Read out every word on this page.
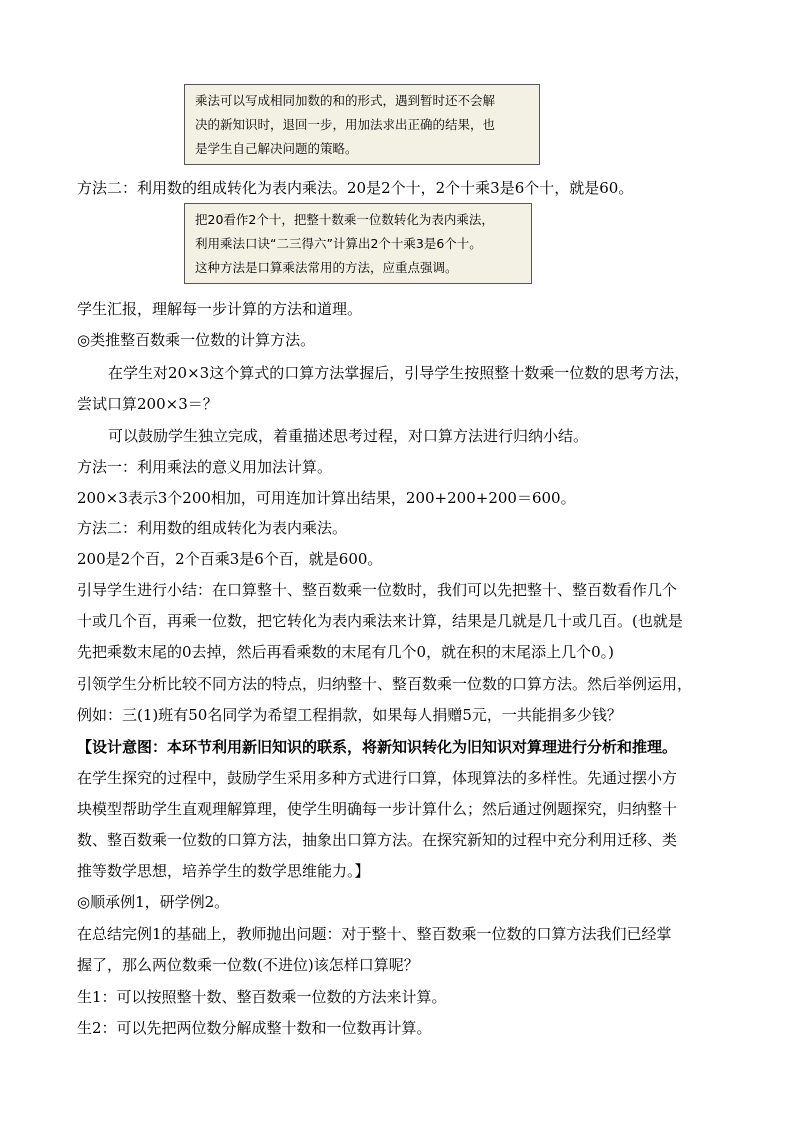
乘法可以写成相同加数的和的形式，遇到暂时还不会解

决的新知识时，退回一步，用加法求出正确的结果，也

是学生自己解决问题的策略。

方法二：利用数的组成转化为表内乘法。20是2个十，2个十乘3是6个十，就是60。

把20看作2个十，把整十数乘一位数转化为表内乘法，

利用乘法口诀“二三得六”计算出2个十乘3是6个十。

这种方法是口算乘法常用的方法，应重点强调。

学生汇报，理解每一步计算的方法和道理。

◎类推整百数乘一位数的计算方法。

在学生对20×3这个算式的口算方法掌握后，引导学生按照整十数乘一位数的思考方法，

尝试口算200×3＝？

可以鼓励学生独立完成，着重描述思考过程，对口算方法进行归纳小结。

方法一：利用乘法的意义用加法计算。

200×3表示3个200相加，可用连加计算出结果，200+200+200＝600。

方法二：利用数的组成转化为表内乘法。

200是2个百，2个百乘3是6个百，就是600。

引导学生进行小结：在口算整十、整百数乘一位数时，我们可以先把整十、整百数看作几个

十或几个百，再乘一位数，把它转化为表内乘法来计算，结果是几就是几十或几百。(也就是

先把乘数末尾的0去掉，然后再看乘数的末尾有几个0，就在积的末尾添上几个0。)

引领学生分析比较不同方法的特点，归纳整十、整百数乘一位数的口算方法。然后举例运用，

例如：三(1)班有50名同学为希望工程捐款，如果每人捐赠5元，一共能捐多少钱？

【设计意图：本环节利用新旧知识的联系，将新知识转化为旧知识对算理进行分析和推理。

在学生探究的过程中，鼓励学生采用多种方式进行口算，体现算法的多样性。先通过摆小方

块模型帮助学生直观理解算理，使学生明确每一步计算什么；然后通过例题探究，归纳整十

数、整百数乘一位数的口算方法，抽象出口算方法。在探究新知的过程中充分利用迁移、类

推等数学思想，培养学生的数学思维能力。】

◎顺承例1，研学例2。

在总结完例1的基础上，教师抛出问题：对于整十、整百数乘一位数的口算方法我们已经掌

握了，那么两位数乘一位数(不进位)该怎样口算呢？

生1：可以按照整十数、整百数乘一位数的方法来计算。

生2：可以先把两位数分解成整十数和一位数再计算。
